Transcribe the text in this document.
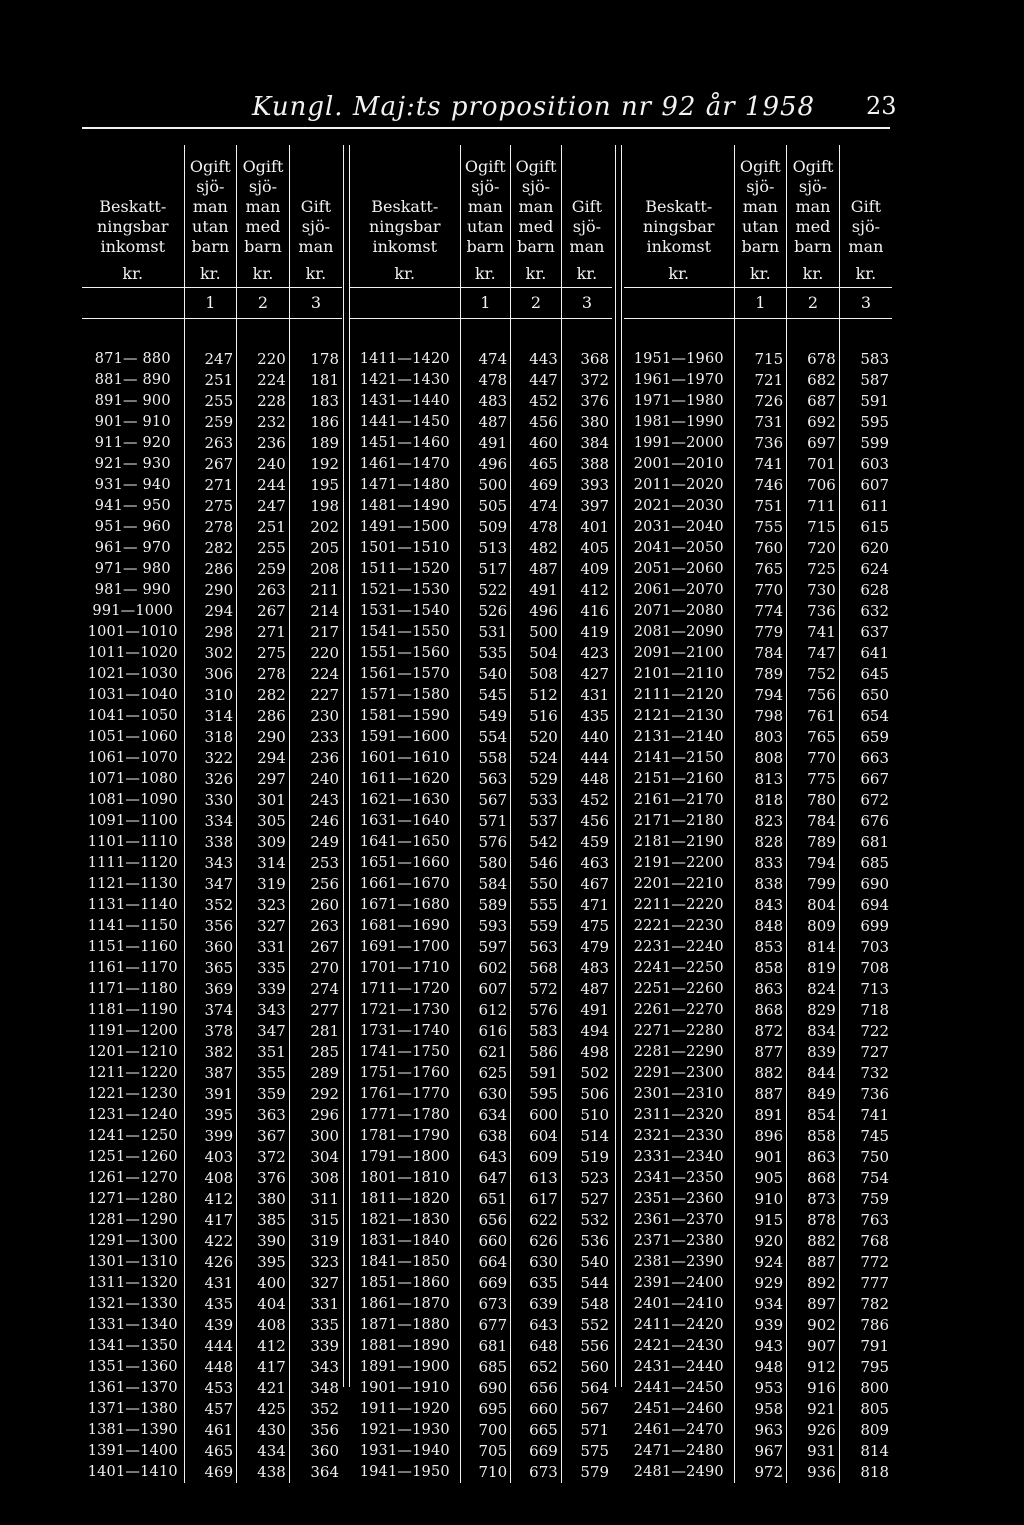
Kungl. Maj:ts proposition nr 92 år 1958 23
Beskatt-
ningsbar
inkomst	Ogift
sjö-
man
utan
barn	Ogift
sjö-
man
med
barn	Gift
sjö-
man
kr.	kr.	kr.	kr.
	1	2	3

871— 880	247	220	178
881— 890	251	224	181
891— 900	255	228	183
901— 910	259	232	186
911— 920	263	236	189
921— 930	267	240	192
931— 940	271	244	195
941— 950	275	247	198
951— 960	278	251	202
961— 970	282	255	205
971— 980	286	259	208
981— 990	290	263	211
991—1000	294	267	214
1001—1010	298	271	217
1011—1020	302	275	220
1021—1030	306	278	224
1031—1040	310	282	227
1041—1050	314	286	230
1051—1060	318	290	233
1061—1070	322	294	236
1071—1080	326	297	240
1081—1090	330	301	243
1091—1100	334	305	246
1101—1110	338	309	249
1111—1120	343	314	253
1121—1130	347	319	256
1131—1140	352	323	260
1141—1150	356	327	263
1151—1160	360	331	267
1161—1170	365	335	270
1171—1180	369	339	274
1181—1190	374	343	277
1191—1200	378	347	281
1201—1210	382	351	285
1211—1220	387	355	289
1221—1230	391	359	292
1231—1240	395	363	296
1241—1250	399	367	300
1251—1260	403	372	304
1261—1270	408	376	308
1271—1280	412	380	311
1281—1290	417	385	315
1291—1300	422	390	319
1301—1310	426	395	323
1311—1320	431	400	327
1321—1330	435	404	331
1331—1340	439	408	335
1341—1350	444	412	339
1351—1360	448	417	343
1361—1370	453	421	348
1371—1380	457	425	352
1381—1390	461	430	356
1391—1400	465	434	360
1401—1410	469	438	364
Beskatt-
ningsbar
inkomst	Ogift
sjö-
man
utan
barn	Ogift
sjö-
man
med
barn	Gift
sjö-
man
kr.	kr.	kr.	kr.
	1	2	3

1411—1420	474	443	368
1421—1430	478	447	372
1431—1440	483	452	376
1441—1450	487	456	380
1451—1460	491	460	384
1461—1470	496	465	388
1471—1480	500	469	393
1481—1490	505	474	397
1491—1500	509	478	401
1501—1510	513	482	405
1511—1520	517	487	409
1521—1530	522	491	412
1531—1540	526	496	416
1541—1550	531	500	419
1551—1560	535	504	423
1561—1570	540	508	427
1571—1580	545	512	431
1581—1590	549	516	435
1591—1600	554	520	440
1601—1610	558	524	444
1611—1620	563	529	448
1621—1630	567	533	452
1631—1640	571	537	456
1641—1650	576	542	459
1651—1660	580	546	463
1661—1670	584	550	467
1671—1680	589	555	471
1681—1690	593	559	475
1691—1700	597	563	479
1701—1710	602	568	483
1711—1720	607	572	487
1721—1730	612	576	491
1731—1740	616	583	494
1741—1750	621	586	498
1751—1760	625	591	502
1761—1770	630	595	506
1771—1780	634	600	510
1781—1790	638	604	514
1791—1800	643	609	519
1801—1810	647	613	523
1811—1820	651	617	527
1821—1830	656	622	532
1831—1840	660	626	536
1841—1850	664	630	540
1851—1860	669	635	544
1861—1870	673	639	548
1871—1880	677	643	552
1881—1890	681	648	556
1891—1900	685	652	560
1901—1910	690	656	564
1911—1920	695	660	567
1921—1930	700	665	571
1931—1940	705	669	575
1941—1950	710	673	579
Beskatt-
ningsbar
inkomst	Ogift
sjö-
man
utan
barn	Ogift
sjö-
man
med
barn	Gift
sjö-
man
kr.	kr.	kr.	kr.
	1	2	3

1951—1960	715	678	583
1961—1970	721	682	587
1971—1980	726	687	591
1981—1990	731	692	595
1991—2000	736	697	599
2001—2010	741	701	603
2011—2020	746	706	607
2021—2030	751	711	611
2031—2040	755	715	615
2041—2050	760	720	620
2051—2060	765	725	624
2061—2070	770	730	628
2071—2080	774	736	632
2081—2090	779	741	637
2091—2100	784	747	641
2101—2110	789	752	645
2111—2120	794	756	650
2121—2130	798	761	654
2131—2140	803	765	659
2141—2150	808	770	663
2151—2160	813	775	667
2161—2170	818	780	672
2171—2180	823	784	676
2181—2190	828	789	681
2191—2200	833	794	685
2201—2210	838	799	690
2211—2220	843	804	694
2221—2230	848	809	699
2231—2240	853	814	703
2241—2250	858	819	708
2251—2260	863	824	713
2261—2270	868	829	718
2271—2280	872	834	722
2281—2290	877	839	727
2291—2300	882	844	732
2301—2310	887	849	736
2311—2320	891	854	741
2321—2330	896	858	745
2331—2340	901	863	750
2341—2350	905	868	754
2351—2360	910	873	759
2361—2370	915	878	763
2371—2380	920	882	768
2381—2390	924	887	772
2391—2400	929	892	777
2401—2410	934	897	782
2411—2420	939	902	786
2421—2430	943	907	791
2431—2440	948	912	795
2441—2450	953	916	800
2451—2460	958	921	805
2461—2470	963	926	809
2471—2480	967	931	814
2481—2490	972	936	818
